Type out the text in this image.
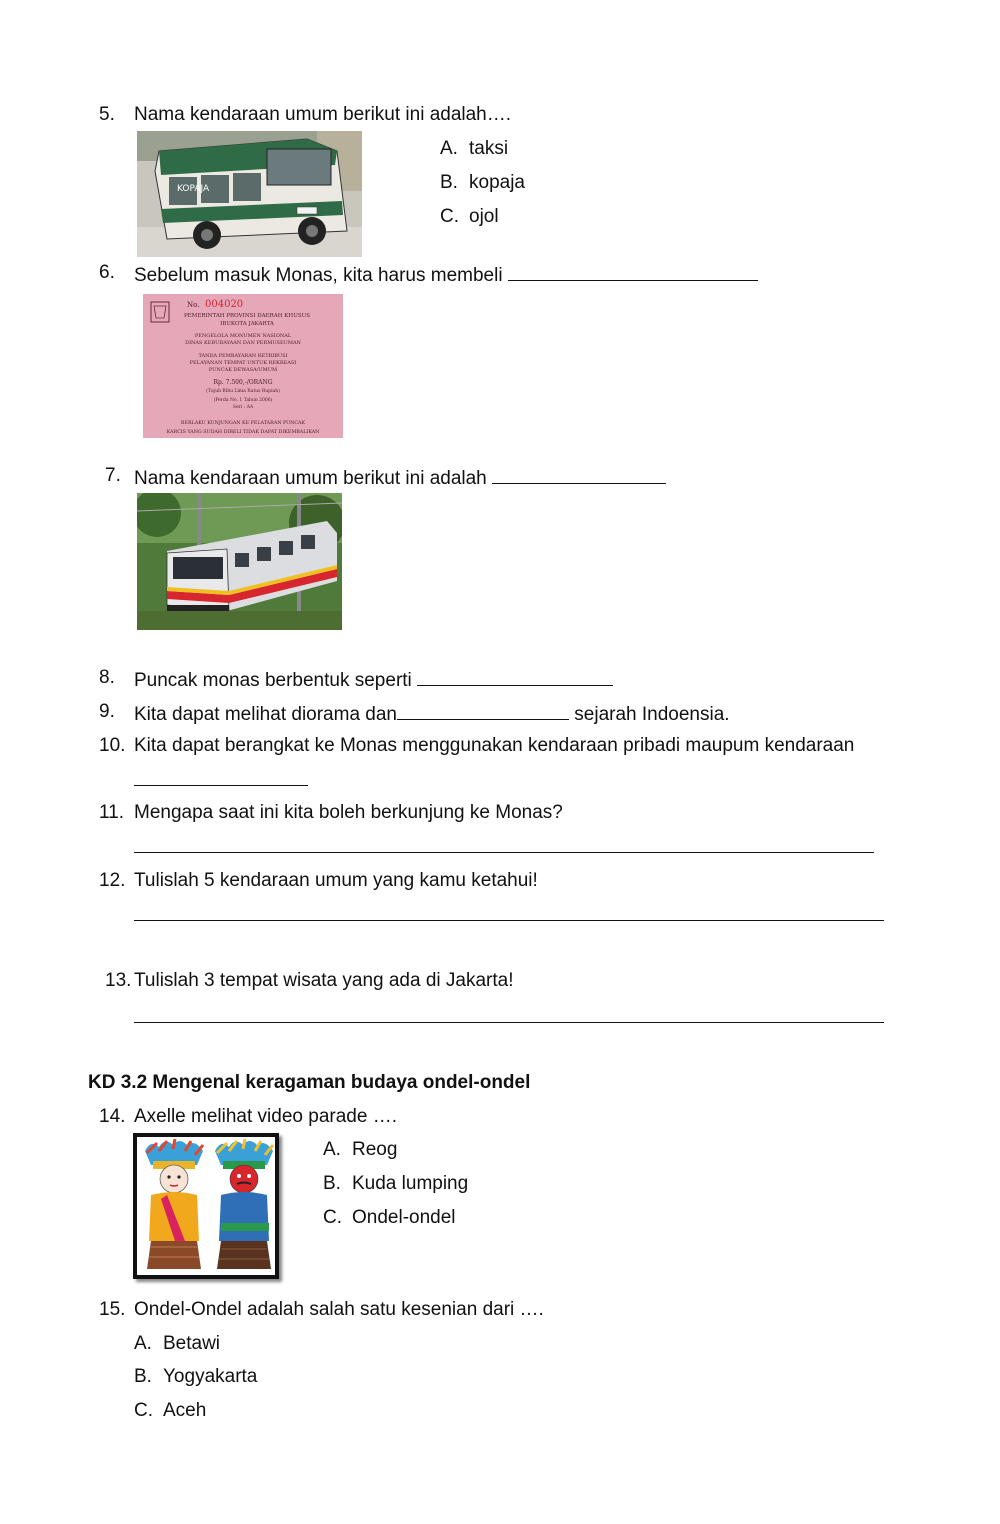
5. Nama kendaraan umum berikut ini adalah….
KOPAJA
A. taksi
B. kopaja
C. ojol
6. Sebelum masuk Monas, kita harus membeli
No. 004020
PEMERINTAH PROVINSI DAERAH KHUSUS
IBUKOTA JAKARTA
PENGELOLA MONUMEN NASIONAL
DINAS KEBUDAYAAN DAN PERMUSEUMAN
TANDA PEMBAYARAN RETRIBUSI
PELAYANAN TEMPAT UNTUK REKREASI
PUNCAK DEWASA/UMUM
Rp. 7.500,-/ORANG
(Tujuh Ribu Lima Ratus Rupiah)
(Perda No. 1 Tahun 2006)
Seri : AA
BERLAKU KUNJUNGAN KE PELATARAN PUNCAK
KARCIS YANG SUDAH DIBELI TIDAK DAPAT DIKEMBALIKAN
7. Nama kendaraan umum berikut ini adalah
8. Puncak monas berbentuk seperti
9. Kita dapat melihat diorama dan	sejarah Indoensia.
10. Kita dapat berangkat ke Monas menggunakan kendaraan pribadi maupum kendaraan
11. Mengapa saat ini kita boleh berkunjung ke Monas?
12. Tulislah 5 kendaraan umum yang kamu ketahui!
13. Tulislah 3 tempat wisata yang ada di Jakarta!
KD 3.2 Mengenal keragaman budaya ondel-ondel
14. Axelle melihat video parade ….
A. Reog
B. Kuda lumping
C. Ondel-ondel
15. Ondel-Ondel adalah salah satu kesenian dari ….
A. Betawi
B. Yogyakarta
C. Aceh
